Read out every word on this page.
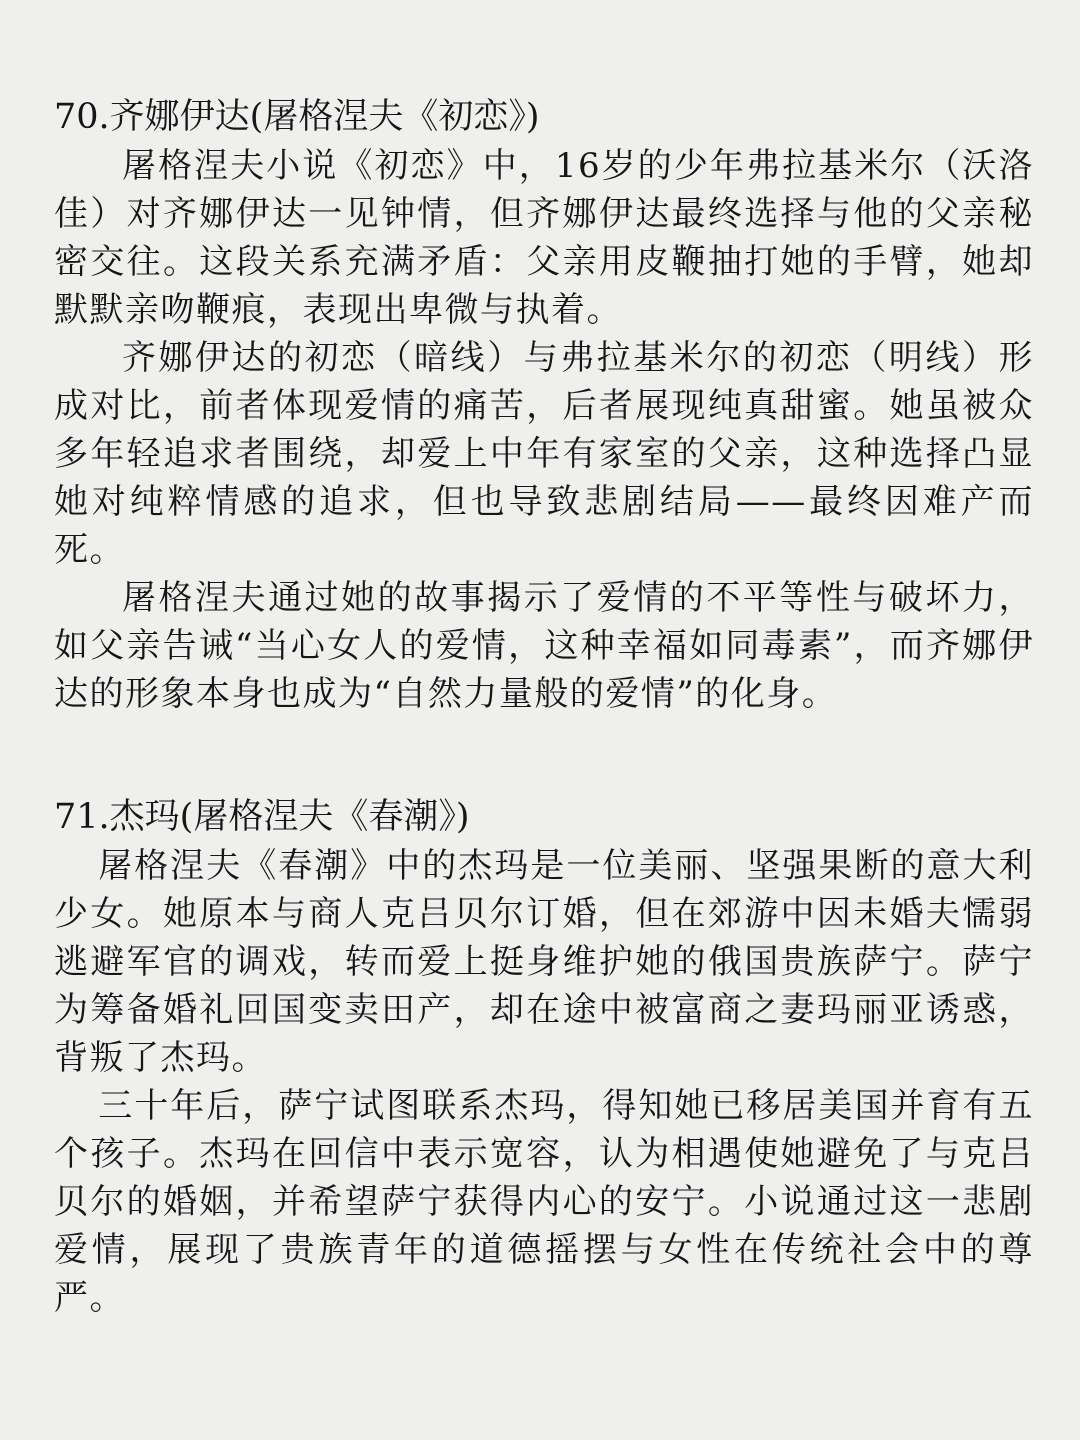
70.齐娜伊达(屠格涅夫《初恋》)

屠格涅夫小说《初恋》中，16岁的少年弗拉基米尔（沃洛佳）对齐娜伊达一见钟情，但齐娜伊达最终选择与他的父亲秘密交往。这段关系充满矛盾：父亲用皮鞭抽打她的手臂，她却默默亲吻鞭痕，表现出卑微与执着。

齐娜伊达的初恋（暗线）与弗拉基米尔的初恋（明线）形成对比，前者体现爱情的痛苦，后者展现纯真甜蜜。她虽被众多年轻追求者围绕，却爱上中年有家室的父亲，这种选择凸显她对纯粹情感的追求，但也导致悲剧结局——最终因难产而死。

屠格涅夫通过她的故事揭示了爱情的不平等性与破坏力，如父亲告诫“当心女人的爱情，这种幸福如同毒素”，而齐娜伊达的形象本身也成为“自然力量般的爱情”的化身。

71.杰玛(屠格涅夫《春潮》)

屠格涅夫《春潮》中的杰玛是一位美丽、坚强果断的意大利少女。她原本与商人克吕贝尔订婚，但在郊游中因未婚夫懦弱逃避军官的调戏，转而爱上挺身维护她的俄国贵族萨宁。萨宁为筹备婚礼回国变卖田产，却在途中被富商之妻玛丽亚诱惑，背叛了杰玛。

三十年后，萨宁试图联系杰玛，得知她已移居美国并育有五个孩子。杰玛在回信中表示宽容，认为相遇使她避免了与克吕贝尔的婚姻，并希望萨宁获得内心的安宁。小说通过这一悲剧爱情，展现了贵族青年的道德摇摆与女性在传统社会中的尊严。
